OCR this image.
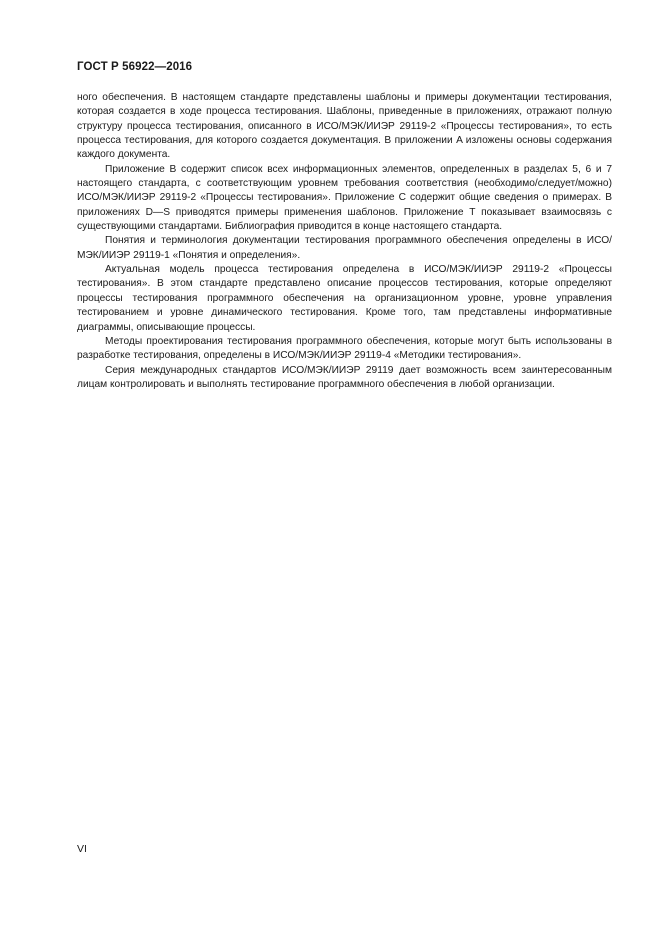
ГОСТ Р 56922—2016

ного обеспечения. В настоящем стандарте представлены шаблоны и примеры документации тестирования, которая создается в ходе процесса тестирования. Шаблоны, приведенные в приложениях, отражают полную структуру процесса тестирования, описанного в ИСО/МЭК/ИИЭР 29119-2 «Процессы тестирования», то есть процесса тестирования, для которого создается документация. В приложении A изложены основы содержания каждого документа.

Приложение B содержит список всех информационных элементов, определенных в разделах 5, 6 и 7 настоящего стандарта, с соответствующим уровнем требования соответствия (необходимо/следует/можно) ИСО/МЭК/ИИЭР 29119-2 «Процессы тестирования». Приложение C содержит общие сведения о примерах. В приложениях D—S приводятся примеры применения шаблонов. Приложение T показывает взаимосвязь с существующими стандартами. Библиография приводится в конце настоящего стандарта.

Понятия и терминология документации тестирования программного обеспечения определены в ИСО/МЭК/ИИЭР 29119-1 «Понятия и определения».

Актуальная модель процесса тестирования определена в ИСО/МЭК/ИИЭР 29119-2 «Процессы тестирования». В этом стандарте представлено описание процессов тестирования, которые определяют процессы тестирования программного обеспечения на организационном уровне, уровне управления тестированием и уровне динамического тестирования. Кроме того, там представлены информативные диаграммы, описывающие процессы.

Методы проектирования тестирования программного обеспечения, которые могут быть использованы в разработке тестирования, определены в ИСО/МЭК/ИИЭР 29119-4 «Методики тестирования».

Серия международных стандартов ИСО/МЭК/ИИЭР 29119 дает возможность всем заинтересованным лицам контролировать и выполнять тестирование программного обеспечения в любой организации.

VI
